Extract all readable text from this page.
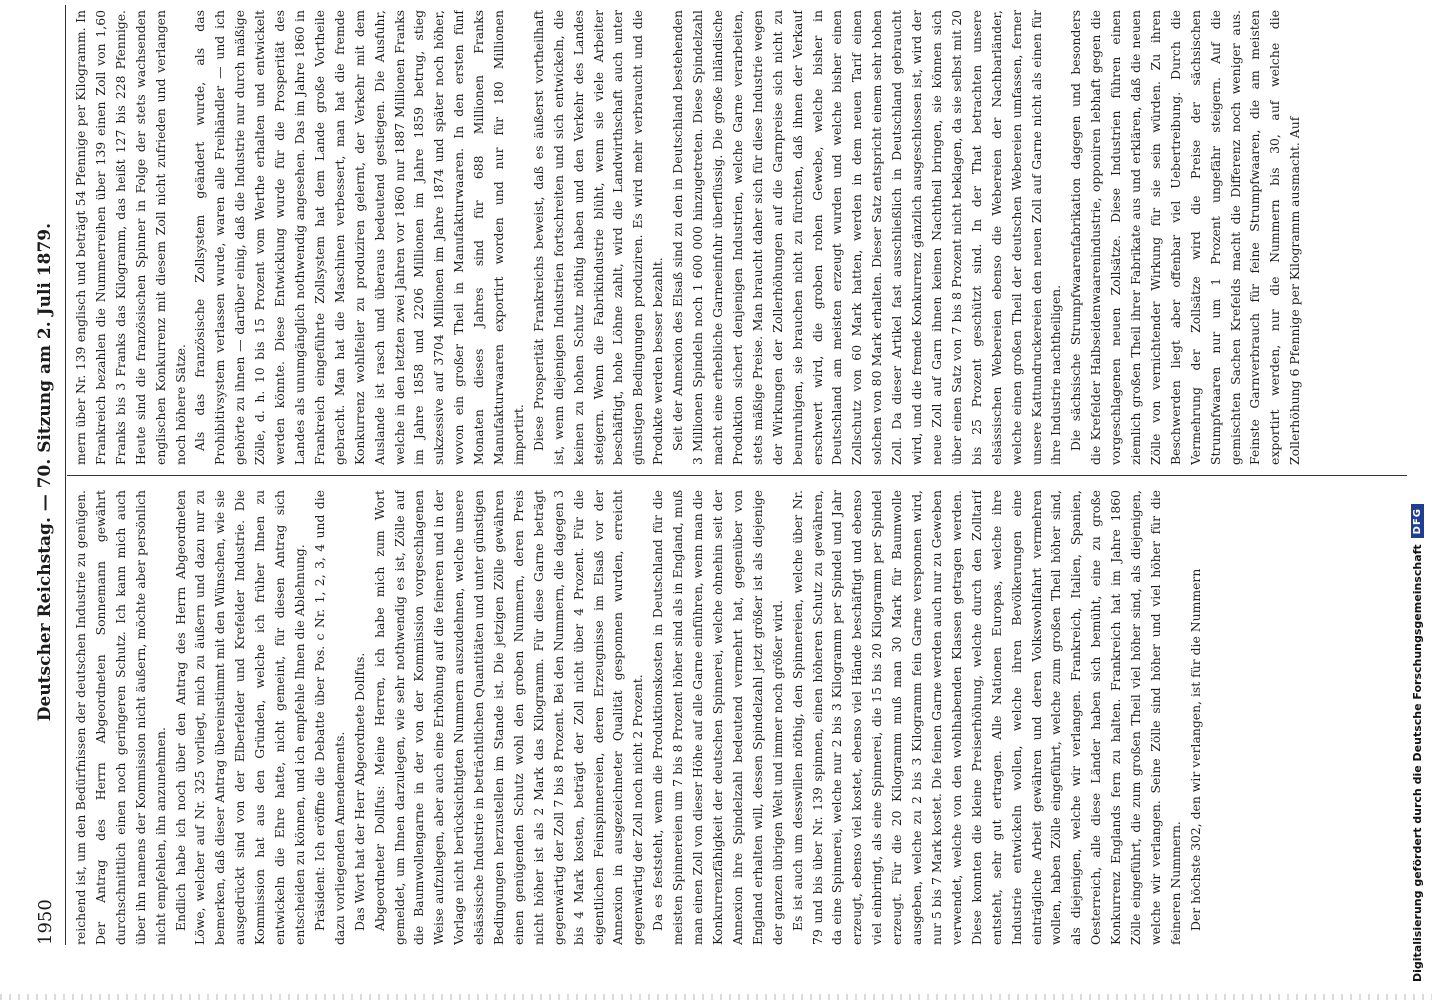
1950
Deutscher Reichstag. — 70. Sitzung am 2. Juli 1879. reichend ist, um den Bedürfnissen der deutschen Industrie zu genügen. Der Antrag des Herrn Abgeordneten Sonnemann gewährt durchschnittlich einen noch geringeren Schutz. Ich kann mich auch über ihn namens der Kommission nicht äußern, möchte aber persönlich nicht empfehlen, ihn anzunehmen. Endlich habe ich noch über den Antrag des Herrn Abgeordneten Löwe, welcher auf Nr. 325 vorliegt, mich zu äußern und dazu nur zu bemerken, daß dieser Antrag übereinstimmt mit den Wünschen, wie sie ausgedrückt sind von der Elberfelder und Krefelder Industrie. Die Kommission hat aus den Gründen, welche ich früher Ihnen zu entwickeln die Ehre hatte, nicht gemeint, für diesen Antrag sich entscheiden zu können, und ich empfehle Ihnen die Ablehnung. Präsident: Ich eröffne die Debatte über Pos. c Nr. 1, 2, 3, 4 und die dazu vorliegenden Amendements. Das Wort hat der Herr Abgeordnete Dollfus. Abgeordneter Dollfus: Meine Herren, ich habe mich zum Wort gemeldet, um Ihnen darzulegen, wie sehr nothwendig es ist, Zölle auf die Baumwollengarne in der von der Kommission vorgeschlagenen Weise aufzulegen, aber auch eine Erhöhung auf die feineren und in der Vorlage nicht berücksichtigten Nummern auszudehnen, welche unsere elsässische Industrie in beträchtlichen Quantitäten und unter günstigen Bedingungen herzustellen im Stande ist. Die jetzigen Zölle gewähren einen genügenden Schutz wohl den groben Nummern, deren Preis nicht höher ist als 2 Mark das Kilogramm. Für diese Garne beträgt gegenwärtig der Zoll 7 bis 8 Prozent. Bei den Nummern, die dagegen 3 bis 4 Mark kosten, beträgt der Zoll nicht über 4 Prozent. Für die eigentlichen Feinspinnereien, deren Erzeugnisse im Elsaß vor der Annexion in ausgezeichneter Qualität gesponnen wurden, erreicht gegenwärtig der Zoll noch nicht 2 Prozent. Da es feststeht, wenn die Produktionskosten in Deutschland für die meisten Spinnereien um 7 bis 8 Prozent höher sind als in England, muß man einen Zoll von dieser Höhe auf alle Garne einführen, wenn man die Konkurrenzfähigkeit der deutschen Spinnerei, welche ohnehin seit der Annexion ihre Spindelzahl bedeutend vermehrt hat, gegenüber von England erhalten will, dessen Spindelzahl jetzt größer ist als diejenige der ganzen übrigen Welt und immer noch größer wird. Es ist auch um desswillen nöthig, den Spinnereien, welche über Nr. 79 und bis über Nr. 139 spinnen, einen höheren Schutz zu gewähren, da eine Spinnerei, welche nur 2 bis 3 Kilogramm per Spindel und Jahr erzeugt, ebenso viel kostet, ebenso viel Hände beschäftigt und ebenso viel einbringt, als eine Spinnerei, die 15 bis 20 Kilogramm per Spindel erzeugt. Für die 20 Kilogramm muß man 30 Mark für Baumwolle ausgeben, welche zu 2 bis 3 Kilogramm fein Garne versponnen wird, nur 5 bis 7 Mark kostet. Die feinen Garne werden auch nur zu Geweben verwendet, welche von den wohlhabenden Klassen getragen werden. Diese konnten die kleine Preiserhöhung, welche durch den Zolltarif entsteht, sehr gut ertragen. Alle Nationen Europas, welche ihre Industrie entwickeln wollen, welche ihren Bevölkerungen eine einträgliche Arbeit gewähren und deren Volkswohlfahrt vermehren wollen, haben Zölle eingeführt, welche zum großen Theil höher sind, als diejenigen, welche wir verlangen. Frankreich, Italien, Spanien, Oesterreich, alle diese Länder haben sich bemüht, eine zu große Konkurrenz Englands fern zu halten. Frankreich hat im Jahre 1860 Zölle eingeführt, die zum großen Theil viel höher sind, als diejenigen, welche wir verlangen. Seine Zölle sind höher und viel höher für die feineren Nummern. Der höchste 302, den wir verlangen, ist für die Nummern

mern über Nr. 139 englisch und beträgt 54 Pfennige per Kilogramm. In Frankreich bezahlen die Nummerreihen über 139 einen Zoll von 1,60 Franks bis 3 Franks das Kilogramm, das heißt 127 bis 228 Pfennige. Heute sind die französischen Spinner in Folge der stets wachsenden englischen Konkurrenz mit diesem Zoll nicht zufrieden und verlangen noch höhere Sätze. Als das französische Zollsystem geändert wurde, als das Prohibitivsystem verlassen wurde, waren alle Freihändler — und ich gehörte zu ihnen — darüber einig, daß die Industrie nur durch mäßige Zölle, d. h. 10 bis 15 Prozent vom Werthe erhalten und entwickelt werden könnte. Diese Entwicklung wurde für die Prosperität des Landes als unumgänglich nothwendig angesehen. Das im Jahre 1860 in Frankreich eingeführte Zollsystem hat dem Lande große Vortheile gebracht. Man hat die Maschinen verbessert, man hat die fremde Konkurrenz wohlfeiler zu produziren gelernt, der Verkehr mit dem Auslande ist rasch und überaus bedeutend gestiegen. Die Ausfuhr, welche in den letzten zwei Jahren vor 1860 nur 1887 Millionen Franks im Jahre 1858 und 2206 Millionen im Jahre 1859 betrug, stieg sukzessive auf 3704 Millionen im Jahre 1874 und später noch höher, wovon ein großer Theil in Manufakturwaaren. In den ersten fünf Monaten dieses Jahres sind für 688 Millionen Franks Manufakturwaaren exportirt worden und nur für 180 Millionen importirt. Diese Prosperität Frankreichs beweist, daß es äußerst vortheilhaft ist, wenn diejenigen Industrien fortschreiten und sich entwickeln, die keinen zu hohen Schutz nöthig haben und den Verkehr des Landes steigern. Wenn die Fabrikindustrie blüht, wenn sie viele Arbeiter beschäftigt, hohe Löhne zahlt, wird die Landwirthschaft auch unter günstigen Bedingungen produziren. Es wird mehr verbraucht und die Produkte werden besser bezahlt. Seit der Annexion des Elsaß sind zu den in Deutschland bestehenden 3 Millionen Spindeln noch 1 600 000 hinzugetreten. Diese Spindelzahl macht eine erhebliche Garneeinfuhr überflüssig. Die große inländische Produktion sichert denjenigen Industrien, welche Garne verarbeiten, stets mäßige Preise. Man braucht daher sich für diese Industrie wegen der Wirkungen der Zollerhöhungen auf die Garnpreise sich nicht zu beunruhigen, sie brauchen nicht zu fürchten, daß ihnen der Verkauf erschwert wird, die groben rohen Gewebe, welche bisher in Deutschland am meisten erzeugt wurden und welche bisher einen Zollschutz von 60 Mark hatten, werden in dem neuen Tarif einen solchen von 80 Mark erhalten. Dieser Satz entspricht einem sehr hohen Zoll. Da dieser Artikel fast ausschließlich in Deutschland gebraucht wird, und die fremde Konkurrenz gänzlich ausgeschlossen ist, wird der neue Zoll auf Garn ihnen keinen Nachtheil bringen, sie können sich über einen Satz von 7 bis 8 Prozent nicht beklagen, da sie selbst mit 20 bis 25 Prozent geschützt sind. In der That betrachten unsere elsässischen Webereien ebenso die Webereien der Nachbarländer, welche einen großen Theil der deutschen Webereien umfassen, ferner unsere Kattundruckereien den neuen Zoll auf Garne nicht als einen für ihre Industrie nachtheiligen. Die sächsische Strumpfwaarenfabrikation dagegen und besonders die Krefelder Halbseidenwaarenindustrie, opponiren lebhaft gegen die vorgeschlagenen neuen Zollsätze. Diese Industrien führen einen ziemlich großen Theil ihrer Fabrikate aus und erklären, daß die neuen Zölle von vernichtender Wirkung für sie sein würden. Zu ihren Beschwerden liegt aber offenbar viel Uebertreibung. Durch die Vermehrung der Zollsätze wird die Preise der sächsischen Strumpfwaaren nur um 1 Prozent ungefähr steigern. Auf die gemischten Sachen Krefelds macht die Differenz noch weniger aus. Feinste Garnverbrauch für feine Strumpfwaaren, die am meisten exportirt werden, nur die Nummern bis 30, auf welche die Zollerhöhung 6 Pfennige per Kilogramm ausmacht. Auf

Digitalisierung gefördert durch die Deutsche Forschungsgemeinschaft
DFG
